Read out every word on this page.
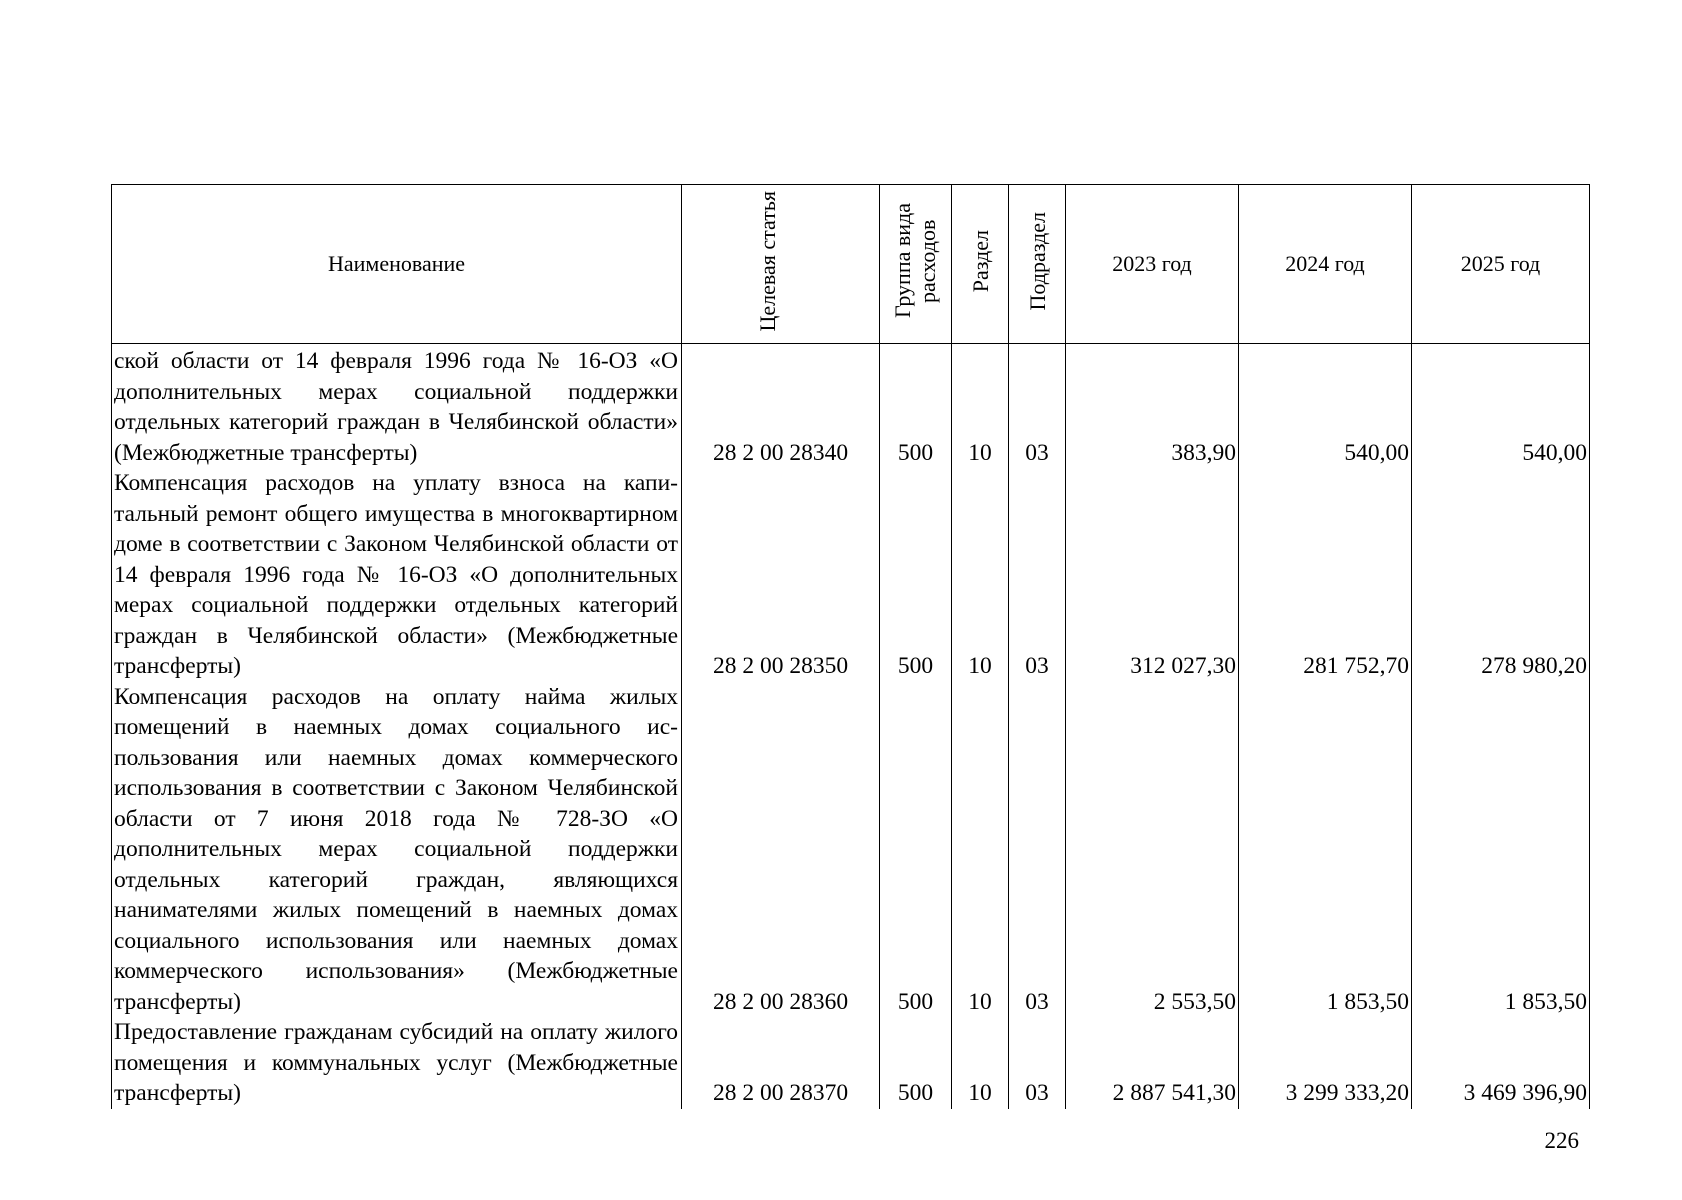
Наименование	Целевая статья	Группа вида расходов	Раздел	Подраздел	2023 год	2024 год	2025 год
ской области от 14 февраля 1996 года № 16-ОЗ «О дополнительных мерах социальной поддержки отдельных категорий граждан в Челябинской области» (Межбюджетные трансферты)	28 2 00 28340	500	10	03	383,90	540,00	540,00
Компенсация расходов на уплату взноса на капитальный ремонт общего имущества в многоквартирном доме в соответствии с Законом Челябинской области от 14 февраля 1996 года № 16-ОЗ «О дополнительных мерах социальной поддержки отдельных категорий граждан в Челябинской области» (Межбюджетные трансферты)	28 2 00 28350	500	10	03	312 027,30	281 752,70	278 980,20
Компенсация расходов на оплату найма жилых помещений в наемных домах социального использования или наемных домах коммерческого использования в соответствии с Законом Челябинской области от 7 июня 2018 года № 728-ЗО «О дополнительных мерах социальной поддержки отдельных категорий граждан, являющихся нанимателями жилых помещений в наемных домах социального использования или наемных домах коммерческого использования» (Межбюджетные трансферты)	28 2 00 28360	500	10	03	2 553,50	1 853,50	1 853,50
Предоставление гражданам субсидий на оплату жилого помещения и коммунальных услуг (Межбюджетные трансферты)	28 2 00 28370	500	10	03	2 887 541,30	3 299 333,20	3 469 396,90
226
